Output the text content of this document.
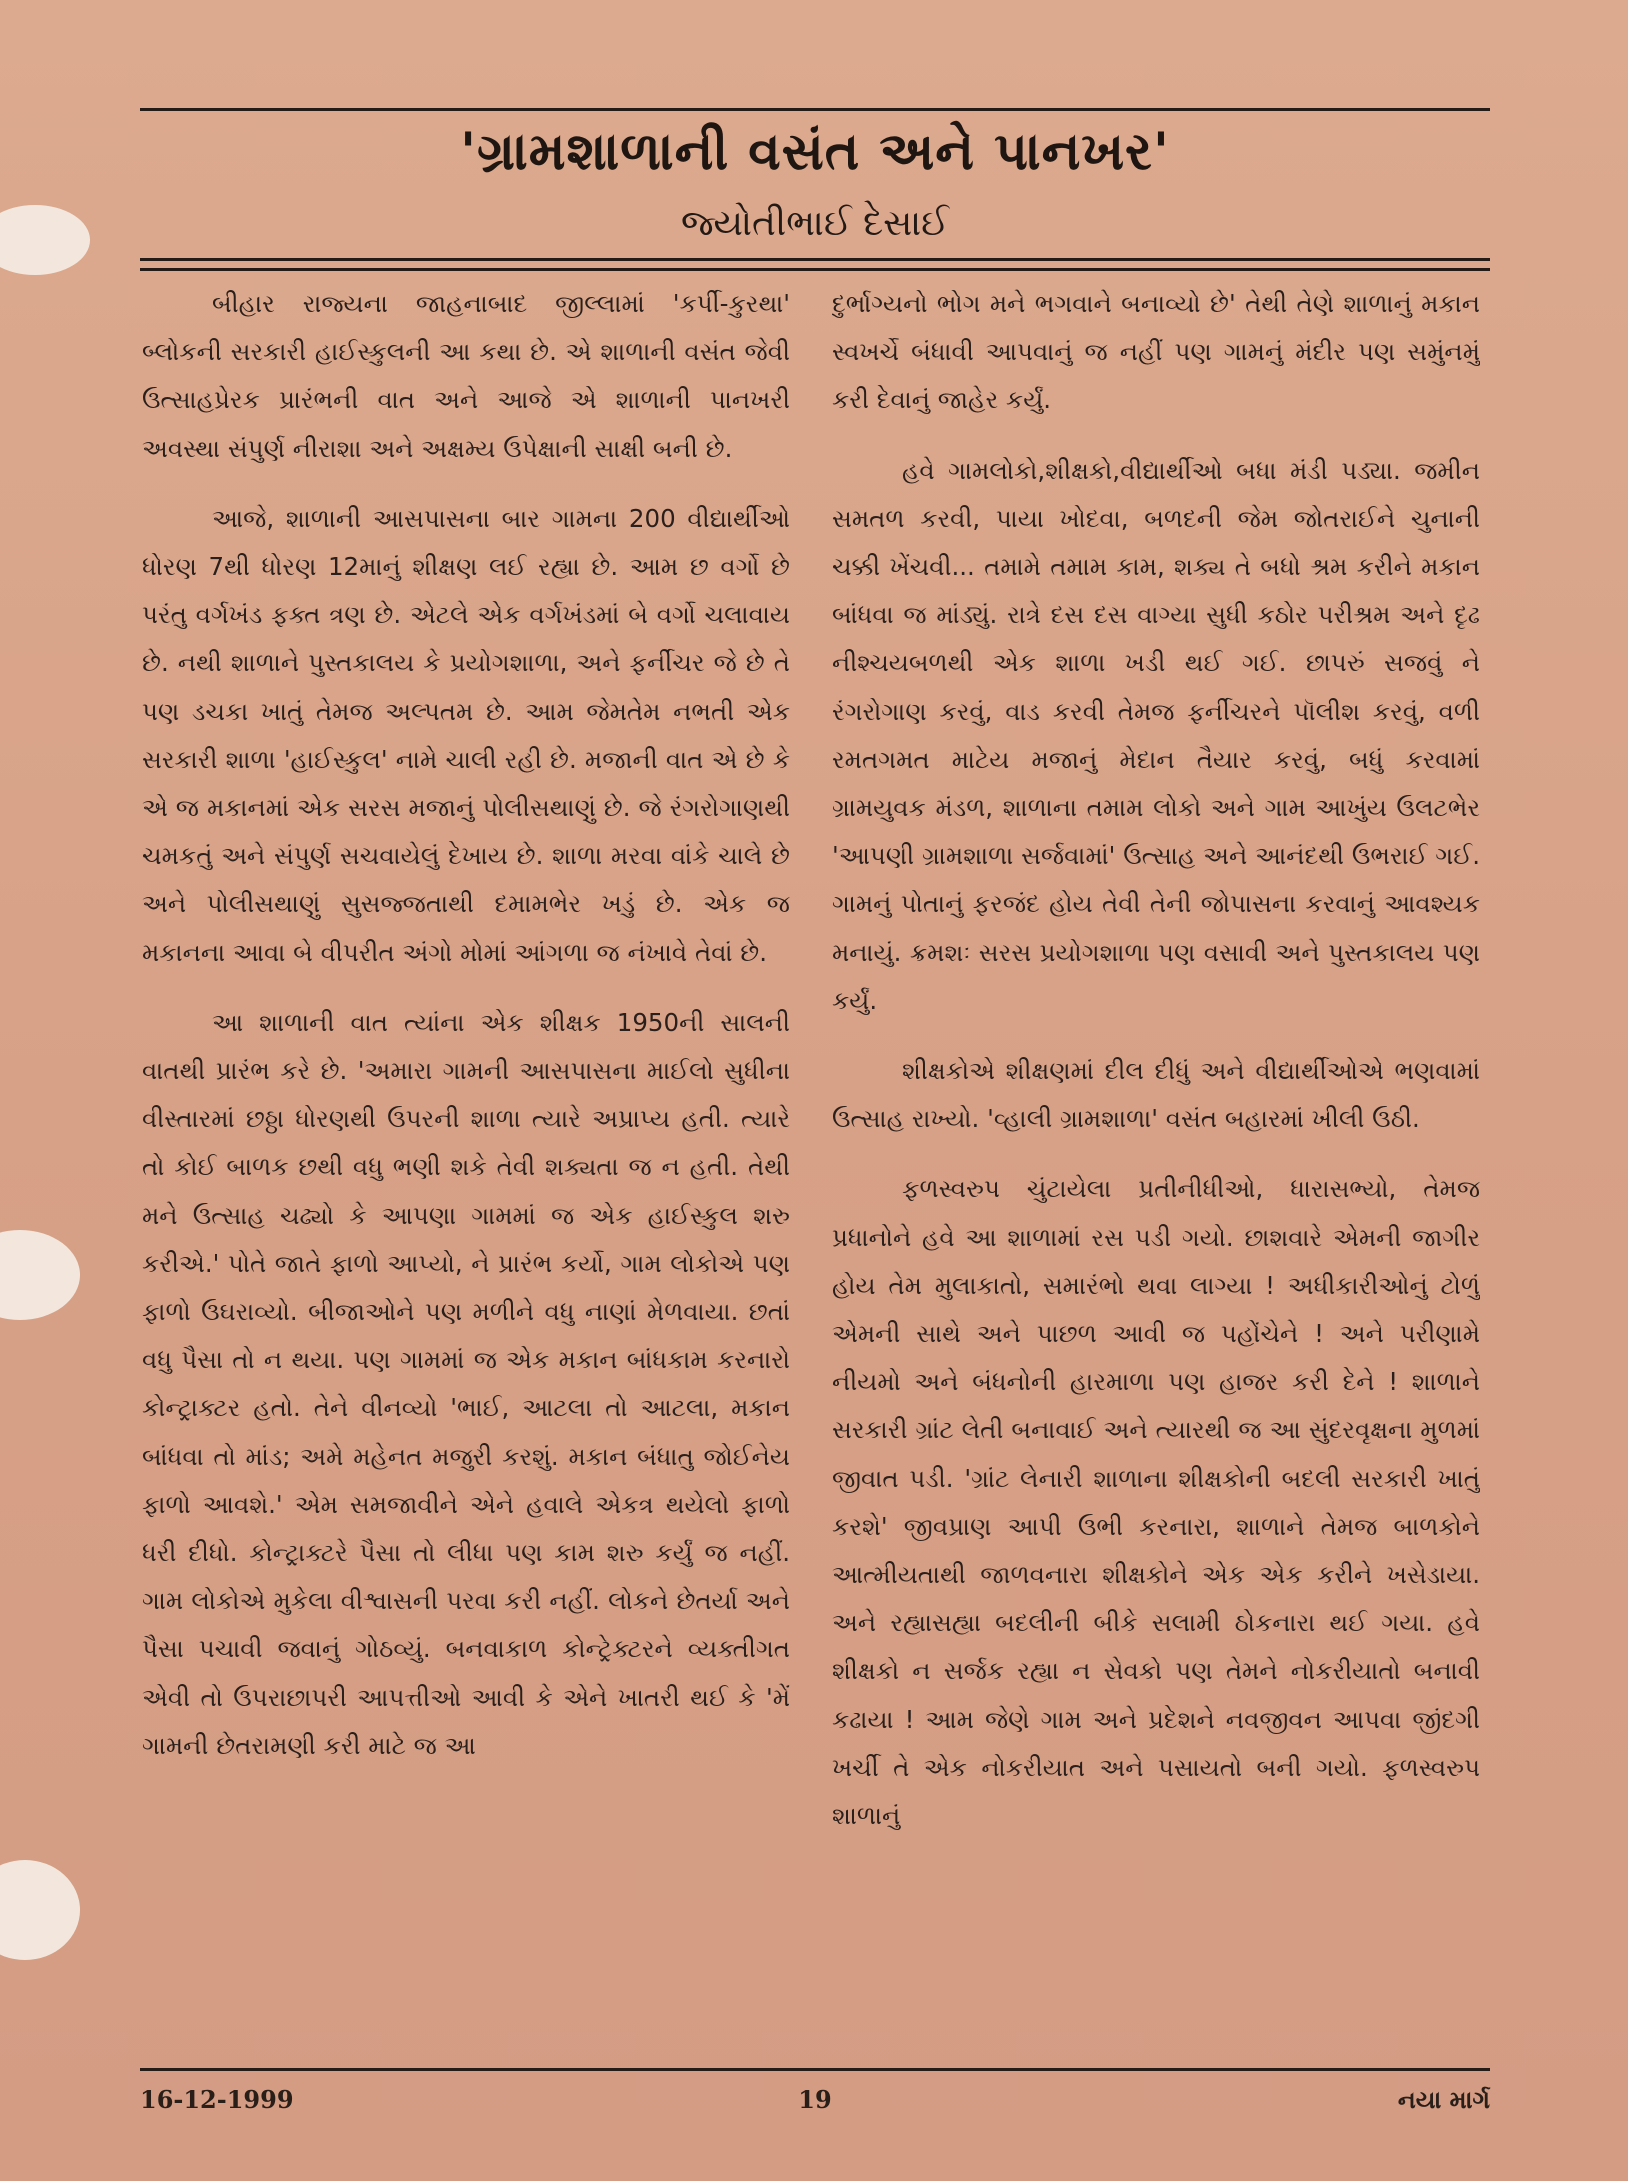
'ગ્રામશાળાની વસંત અને પાનખર'
જ્યોતીભાઈ દેસાઈ

બીહાર રાજ્યના જાહનાબાદ જીલ્લામાં 'કર્પી-કુરથા' બ્લોકની સરકારી હાઈસ્કુલની આ કથા છે. એ શાળાની વસંત જેવી ઉત્સાહપ્રેરક પ્રારંભની વાત અને આજે એ શાળાની પાનખરી અવસ્થા સંપુર્ણ નીરાશા અને અક્ષમ્ય ઉપેક્ષાની સાક્ષી બની છે.

આજે, શાળાની આસપાસના બાર ગામના 200 વીદ્યાર્થીઓ ધોરણ 7થી ધોરણ 12માનું શીક્ષણ લઈ રહ્યા છે. આમ છ વર્ગો છે પરંતુ વર્ગખંડ ફક્ત ત્રણ છે. એટલે એક વર્ગખંડમાં બે વર્ગો ચલાવાય છે. નથી શાળાને પુસ્તકાલય કે પ્રયોગશાળા, અને ફર્નીચર જે છે તે પણ ડચકા ખાતું તેમજ અલ્પતમ છે. આમ જેમતેમ નભતી એક સરકારી શાળા 'હાઈસ્કુલ' નામે ચાલી રહી છે. મજાની વાત એ છે કે એ જ મકાનમાં એક સરસ મજાનું પોલીસથાણું છે. જે રંગરોગાણથી ચમકતું અને સંપુર્ણ સચવાયેલું દેખાય છે. શાળા મરવા વાંકે ચાલે છે અને પોલીસથાણું સુસજ્જતાથી દમામભેર ખડું છે. એક જ મકાનના આવા બે વીપરીત અંગો મોમાં આંગળા જ નંખાવે તેવાં છે.

આ શાળાની વાત ત્યાંના એક શીક્ષક 1950ની સાલની વાતથી પ્રારંભ કરે છે. 'અમારા ગામની આસપાસના માઈલો સુધીના વીસ્તારમાં છઠ્ઠા ધોરણથી ઉપરની શાળા ત્યારે અપ્રાપ્ય હતી. ત્યારે તો કોઈ બાળક છથી વધુ ભણી શકે તેવી શક્યતા જ ન હતી. તેથી મને ઉત્સાહ ચઢ્યો કે આપણા ગામમાં જ એક હાઈસ્કુલ શરુ કરીએ.' પોતે જાતે ફાળો આપ્યો, ને પ્રારંભ કર્યો, ગામ લોકોએ પણ ફાળો ઉઘરાવ્યો. બીજાઓને પણ મળીને વધુ નાણાં મેળવાયા. છતાં વધુ પૈસા તો ન થયા. પણ ગામમાં જ એક મકાન બાંધકામ કરનારો કોન્ટ્રાક્ટર હતો. તેને વીનવ્યો 'ભાઈ, આટલા તો આટલા, મકાન બાંધવા તો માંડ; અમે મહેનત મજુરી કરશું. મકાન બંધાતુ જોઈનેય ફાળો આવશે.' એમ સમજાવીને એને હવાલે એકત્ર થયેલો ફાળો ધરી દીધો. કોન્ટ્રાક્ટરે પૈસા તો લીધા પણ કામ શરુ કર્યું જ નહીં. ગામ લોકોએ મુકેલા વીશ્વાસની પરવા કરી નહીં. લોકને છેતર્યા અને પૈસા પચાવી જવાનું ગોઠવ્યું. બનવાકાળ કોન્ટ્રેક્ટરને વ્યક્તીગત એવી તો ઉપરાછાપરી આપત્તીઓ આવી કે એને ખાતરી થઈ કે 'મેં ગામની છેતરામણી કરી માટે જ આ

દુર્ભાગ્યનો ભોગ મને ભગવાને બનાવ્યો છે' તેથી તેણે શાળાનું મકાન સ્વખર્ચે બંધાવી આપવાનું જ નહીં પણ ગામનું મંદીર પણ સમુંનમું કરી દેવાનું જાહેર કર્યું.

હવે ગામલોકો,શીક્ષકો,વીદ્યાર્થીઓ બધા મંડી પડ્યા. જમીન સમતળ કરવી, પાયા ખોદવા, બળદની જેમ જોતરાઈને ચુનાની ચક્કી ખેંચવી... તમામે તમામ કામ, શક્ય તે બધો શ્રમ કરીને મકાન બાંધવા જ માંડ્યું. રાત્રે દસ દસ વાગ્યા સુધી કઠોર પરીશ્રમ અને દૃઢ નીશ્ચયબળથી એક શાળા ખડી થઈ ગઈ. છાપરું સજવું ને રંગરોગાણ કરવું, વાડ કરવી તેમજ ફર્નીચરને પૉલીશ કરવું, વળી રમતગમત માટેય મજાનું મેદાન તૈયાર કરવું, બધું કરવામાં ગ્રામયુવક મંડળ, શાળાના તમામ લોકો અને ગામ આખુંય ઉલટભેર 'આપણી ગ્રામશાળા સર્જવામાં' ઉત્સાહ અને આનંદથી ઉભરાઈ ગઈ. ગામનું પોતાનું ફરજંદ હોય તેવી તેની જોપાસના કરવાનું આવશ્યક મનાયું. ક્રમશઃ સરસ પ્રયોગશાળા પણ વસાવી અને પુસ્તકાલય પણ કર્યું.

શીક્ષકોએ શીક્ષણમાં દીલ દીધું અને વીદ્યાર્થીઓએ ભણવામાં ઉત્સાહ રાખ્યો. 'વ્હાલી ગ્રામશાળા' વસંત બહારમાં ખીલી ઉઠી.

ફળસ્વરુપ ચુંટાયેલા પ્રતીનીધીઓ, ધારાસભ્યો, તેમજ પ્રધાનોને હવે આ શાળામાં રસ પડી ગયો. છાશવારે એમની જાગીર હોય તેમ મુલાકાતો, સમારંભો થવા લાગ્યા ! અધીકારીઓનું ટોળું એમની સાથે અને પાછળ આવી જ પહોંચેને ! અને પરીણામે નીયમો અને બંધનોની હારમાળા પણ હાજર કરી દેને ! શાળાને સરકારી ગ્રાંટ લેતી બનાવાઈ અને ત્યારથી જ આ સુંદરવૃક્ષના મુળમાં જીવાત પડી. 'ગ્રાંટ લેનારી શાળાના શીક્ષકોની બદલી સરકારી ખાતું કરશે' જીવપ્રાણ આપી ઉભી કરનારા, શાળાને તેમજ બાળકોને આત્મીયતાથી જાળવનારા શીક્ષકોને એક એક કરીને ખસેડાયા. અને રહ્યાસહ્યા બદલીની બીકે સલામી ઠોકનારા થઈ ગયા. હવે શીક્ષકો ન સર્જક રહ્યા ન સેવકો પણ તેમને નોકરીયાતો બનાવી કઢાયા ! આમ જેણે ગામ અને પ્રદેશને નવજીવન આપવા જીંદગી ખર્ચી તે એક નોકરીયાત અને પસાયતો બની ગયો. ફળસ્વરુપ શાળાનું

16-12-1999	19	નયા માર્ગ
